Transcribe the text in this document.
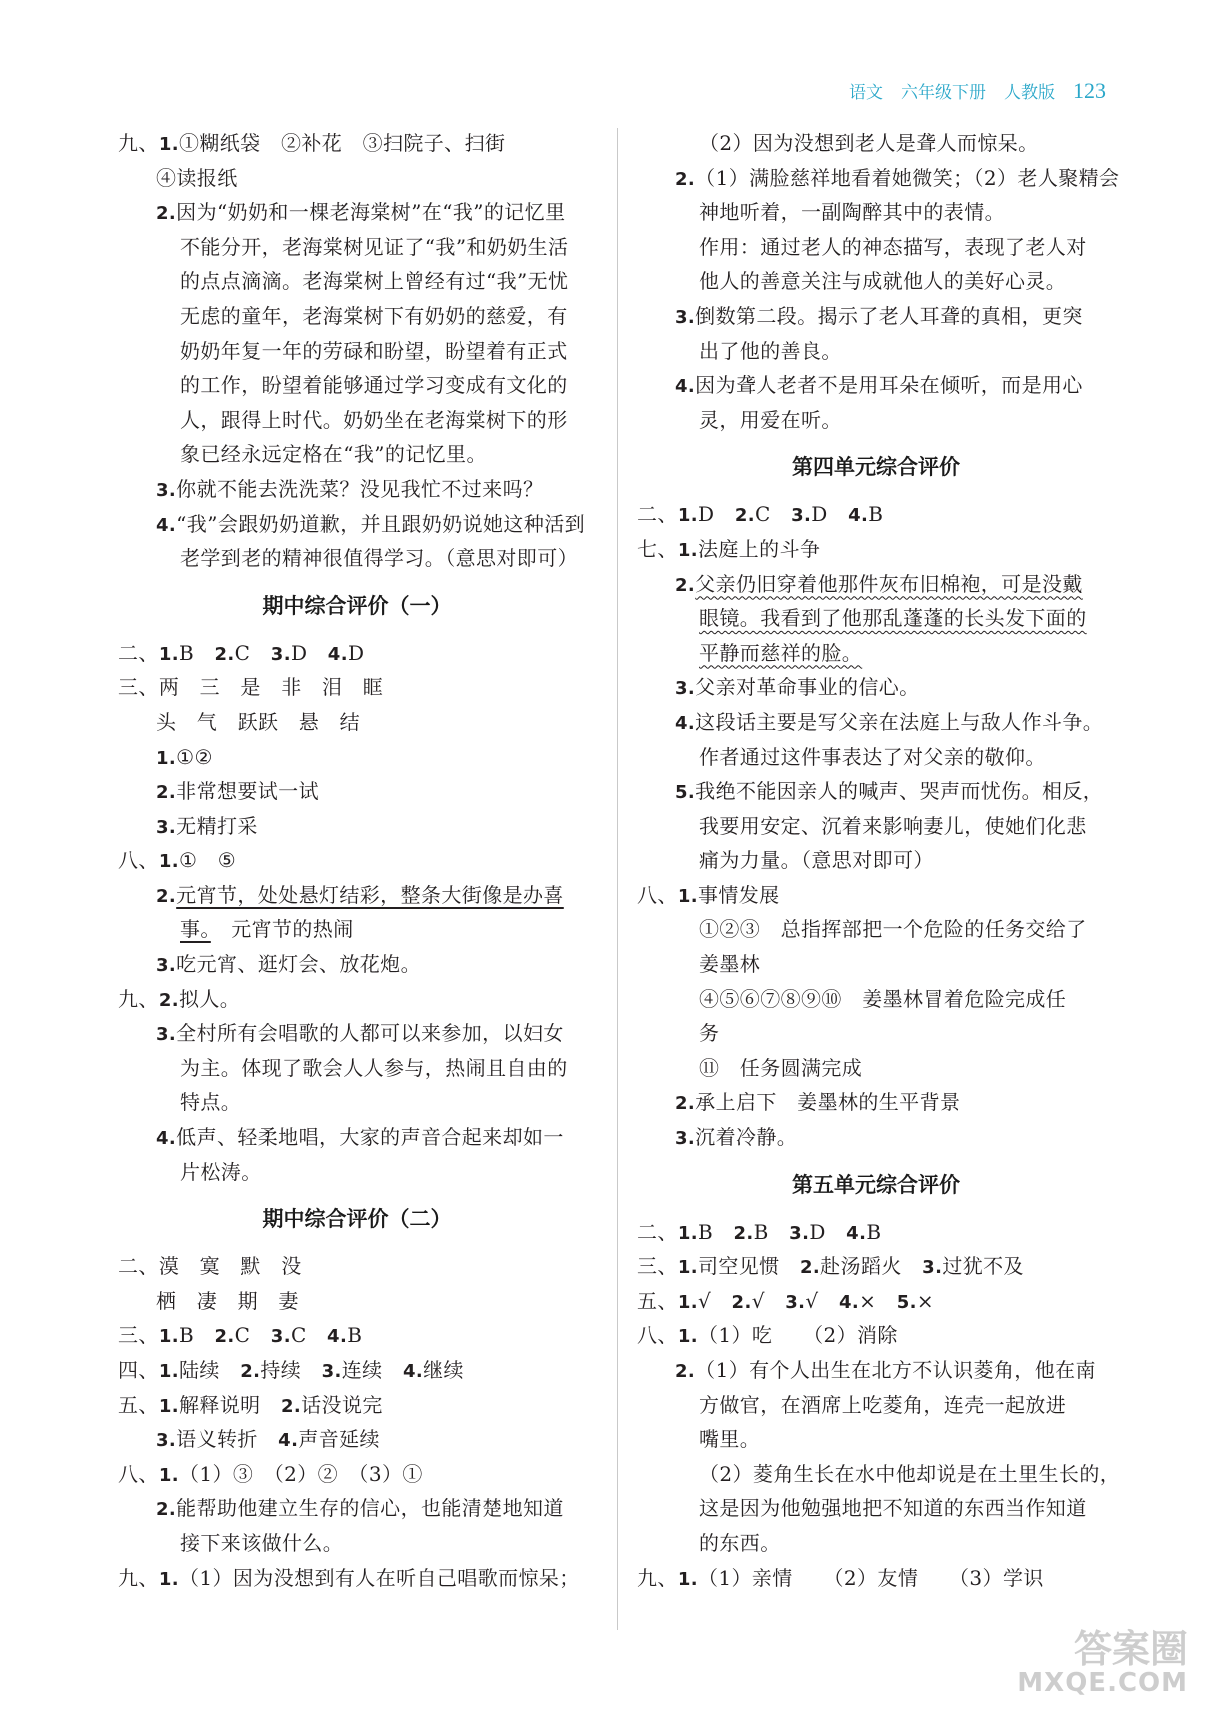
语文 六年级下册 人教版 123
九、1.①糊纸袋　②补花　③扫院子、扫街
④读报纸
2.因为“奶奶和一棵老海棠树”在“我”的记忆里
不能分开，老海棠树见证了“我”和奶奶生活
的点点滴滴。老海棠树上曾经有过“我”无忧
无虑的童年，老海棠树下有奶奶的慈爱，有
奶奶年复一年的劳碌和盼望，盼望着有正式
的工作，盼望着能够通过学习变成有文化的
人，跟得上时代。奶奶坐在老海棠树下的形
象已经永远定格在“我”的记忆里。
3.你就不能去洗洗菜？没见我忙不过来吗？
4.“我”会跟奶奶道歉，并且跟奶奶说她这种活到
老学到老的精神很值得学习。（意思对即可）
期中综合评价（一）
二、1.B　2.C　3.D　4.D
三、两　三　是　非　泪　眶
头　气　跃跃　悬　结
1.①②
2.非常想要试一试
3.无精打采
八、1.①　⑤
2.元宵节，处处悬灯结彩，整条大街像是办喜
事。　元宵节的热闹
3.吃元宵、逛灯会、放花炮。
九、2.拟人。
3.全村所有会唱歌的人都可以来参加，以妇女
为主。体现了歌会人人参与，热闹且自由的
特点。
4.低声、轻柔地唱，大家的声音合起来却如一
片松涛。
期中综合评价（二）
二、漠　寞　默　没
栖　凄　期　妻
三、1.B　2.C　3.C　4.B
四、1.陆续　2.持续　3.连续　4.继续
五、1.解释说明　2.话没说完
3.语义转折　4.声音延续
八、1.（1）③　（2）②　（3）①
2.能帮助他建立生存的信心，也能清楚地知道
接下来该做什么。
九、1.（1）因为没想到有人在听自己唱歌而惊呆；
（2）因为没想到老人是聋人而惊呆。
2.（1）满脸慈祥地看着她微笑；（2）老人聚精会
神地听着，一副陶醉其中的表情。
作用：通过老人的神态描写，表现了老人对
他人的善意关注与成就他人的美好心灵。
3.倒数第二段。揭示了老人耳聋的真相，更突
出了他的善良。
4.因为聋人老者不是用耳朵在倾听，而是用心
灵，用爱在听。
第四单元综合评价
二、1.D　2.C　3.D　4.B
七、1.法庭上的斗争
2.父亲仍旧穿着他那件灰布旧棉袍，可是没戴
眼镜。我看到了他那乱蓬蓬的长头发下面的
平静而慈祥的脸。
3.父亲对革命事业的信心。
4.这段话主要是写父亲在法庭上与敌人作斗争。
作者通过这件事表达了对父亲的敬仰。
5.我绝不能因亲人的喊声、哭声而忧伤。相反，
我要用安定、沉着来影响妻儿，使她们化悲
痛为力量。（意思对即可）
八、1.事情发展
①②③　总指挥部把一个危险的任务交给了
姜墨林
④⑤⑥⑦⑧⑨⑩　姜墨林冒着危险完成任
务
⑪　任务圆满完成
2.承上启下　姜墨林的生平背景
3.沉着冷静。
第五单元综合评价
二、1.B　2.B　3.D　4.B
三、1.司空见惯　2.赴汤蹈火　3.过犹不及
五、1.√　2.√　3.√　4.×　5.×
八、1.（1）吃　　（2）消除
2.（1）有个人出生在北方不认识菱角，他在南
方做官，在酒席上吃菱角，连壳一起放进
嘴里。
（2）菱角生长在水中他却说是在土里生长的，
这是因为他勉强地把不知道的东西当作知道
的东西。
九、1.（1）亲情　　（2）友情　　（3）学识
答案圈
MXQE.COM
